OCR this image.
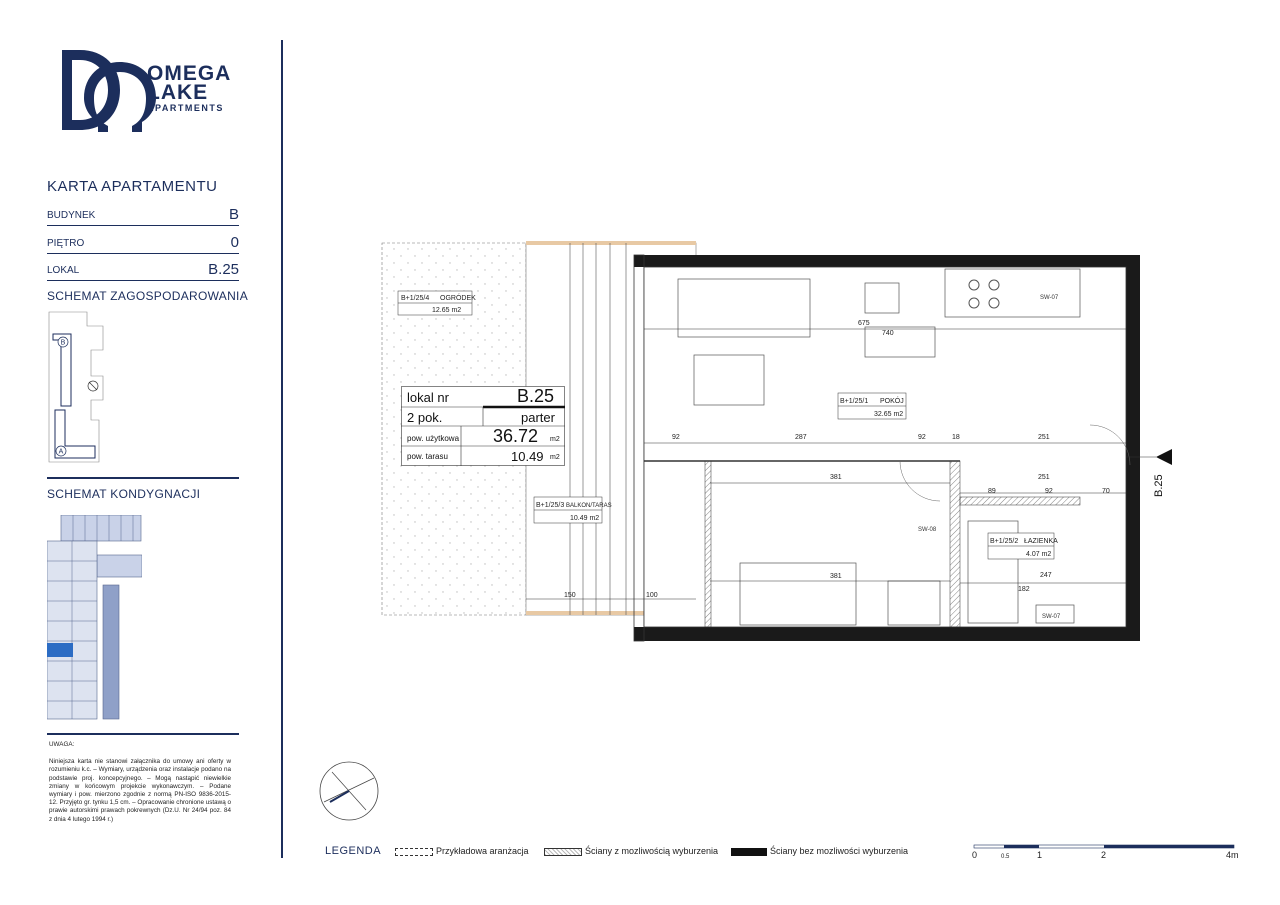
OMEGA
LAKE
APARTMENTS
KARTA APARTAMENTU
BUDYNEK	B
PIĘTRO	0
LOKAL	B.25
SCHEMAT ZAGOSPODAROWANIA
B
A
SCHEMAT KONDYGNACJI
UWAGA:
Niniejsza karta nie stanowi załącznika do umowy ani oferty w rozumieniu k.c. – Wymiary, urządzenia oraz instalacje podano na podstawie proj. koncepcyjnego. – Mogą nastąpić niewielkie zmiany w końcowym projekcie wykonawczym. – Podane wymiary i pow. mierzono zgodnie z normą PN-ISO 9836-2015-12. Przyjęto gr. tynku 1,5 cm. – Opracowanie chronione ustawą o prawie autorskimi prawach pokrewnych (Dz.U. Nr 24/94 poz. 84 z dnia 4 lutego 1994 r.)
675
740
92	287	92	18	251
381	251
92	70
89
247
182
381
150	100
B+1/25/4 OGRÓDEK
12.65 m2
B+1/25/1 POKÓJ
32.65 m2
B+1/25/3 BALKON/TARAS
10.49 m2
B+1/25/2 ŁAZIENKA
4.07 m2
SW-07
SW-07
SW-08
B.25
lokal nr	B.25
2 pok.	parter
pow. użytkowa 36.72 m2
pow. tarasu	10.49 m2
LEGENDA	Przykładowa aranżacja	Ściany z mozliwością wyburzenia	Ściany bez mozliwości wyburzenia	0	0.5	1	2	4m
